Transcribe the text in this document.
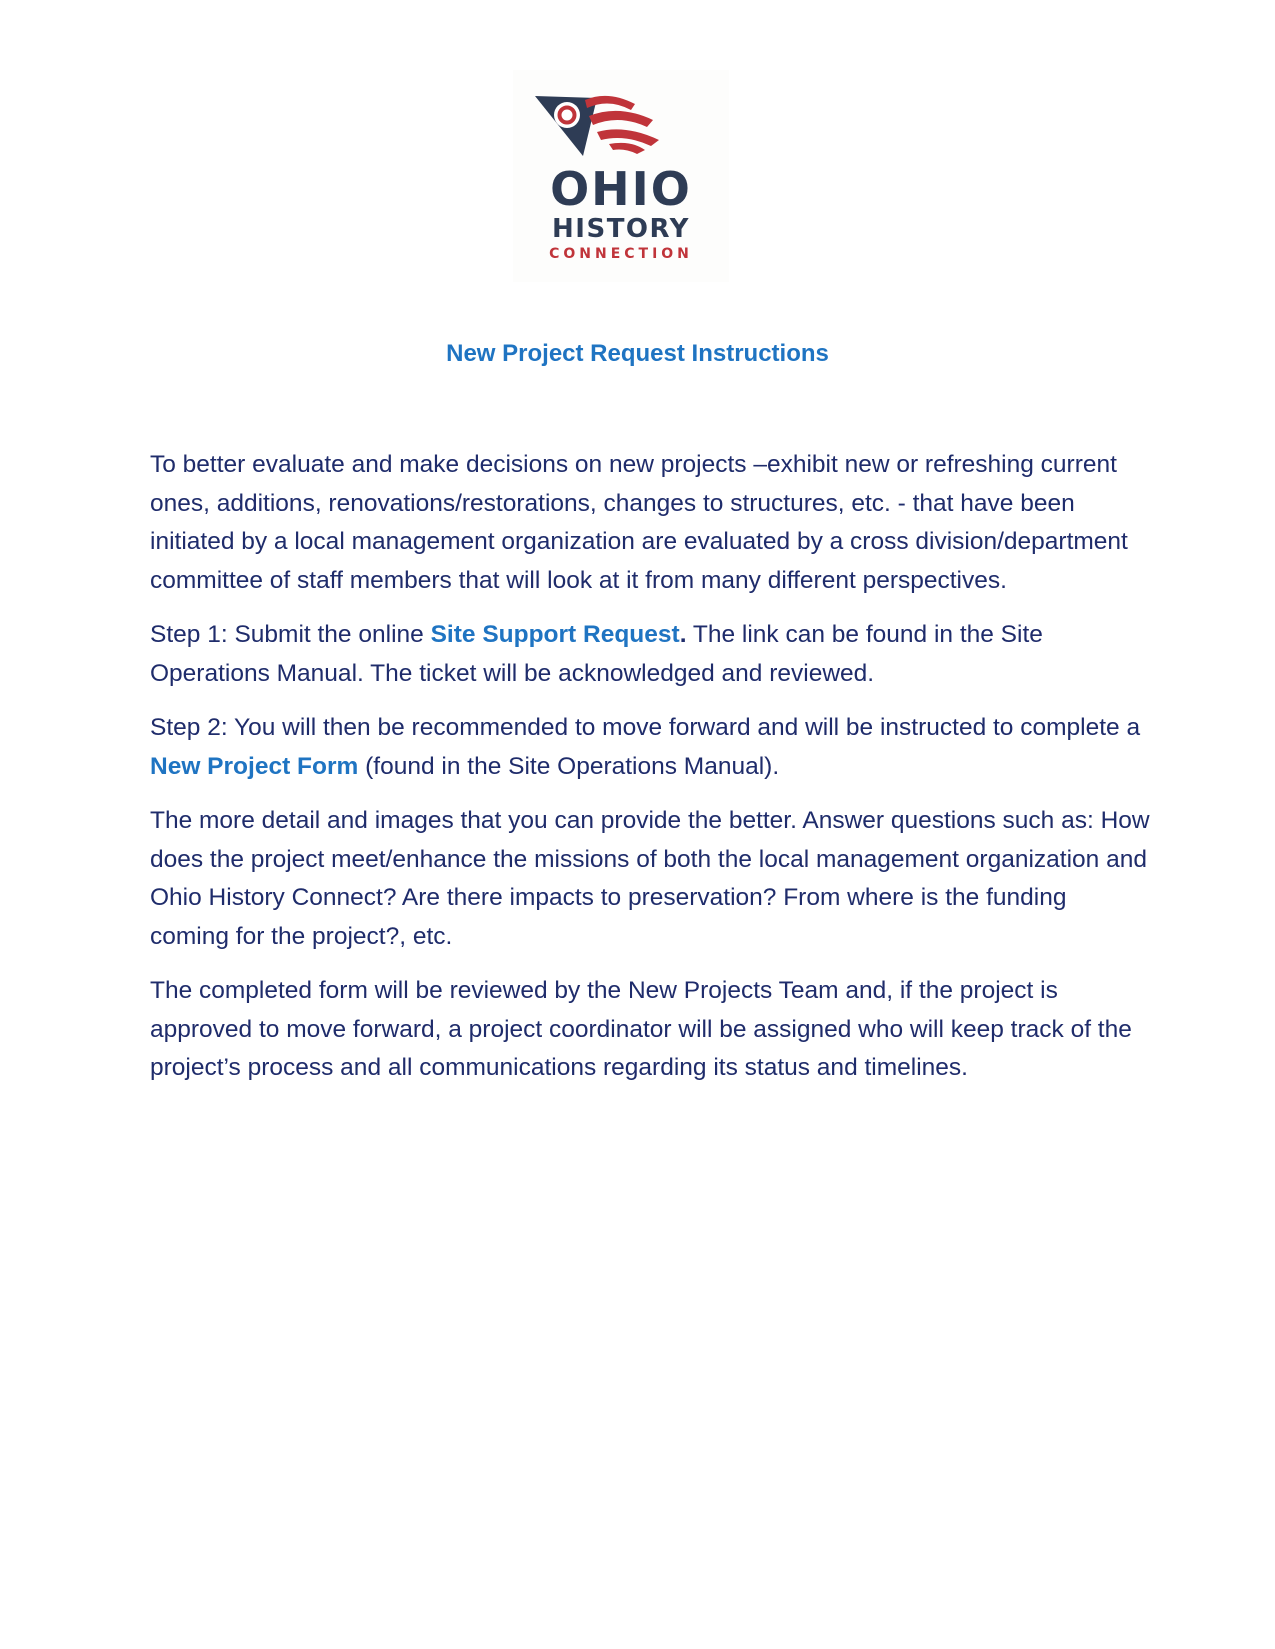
OHIO
HISTORY
CONNECTION
New Project Request Instructions

To better evaluate and make decisions on new projects –exhibit new or refreshing current ones, additions, renovations/restorations, changes to structures, etc. - that have been initiated by a local management organization are evaluated by a cross division/department committee of staff members that will look at it from many different perspectives.

Step 1: Submit the online Site Support Request. The link can be found in the Site Operations Manual. The ticket will be acknowledged and reviewed.

Step 2: You will then be recommended to move forward and will be instructed to complete a New Project Form (found in the Site Operations Manual).

The more detail and images that you can provide the better. Answer questions such as: How does the project meet/enhance the missions of both the local management organization and Ohio History Connect? Are there impacts to preservation? From where is the funding coming for the project?, etc.

The completed form will be reviewed by the New Projects Team and, if the project is approved to move forward, a project coordinator will be assigned who will keep track of the project’s process and all communications regarding its status and timelines.
